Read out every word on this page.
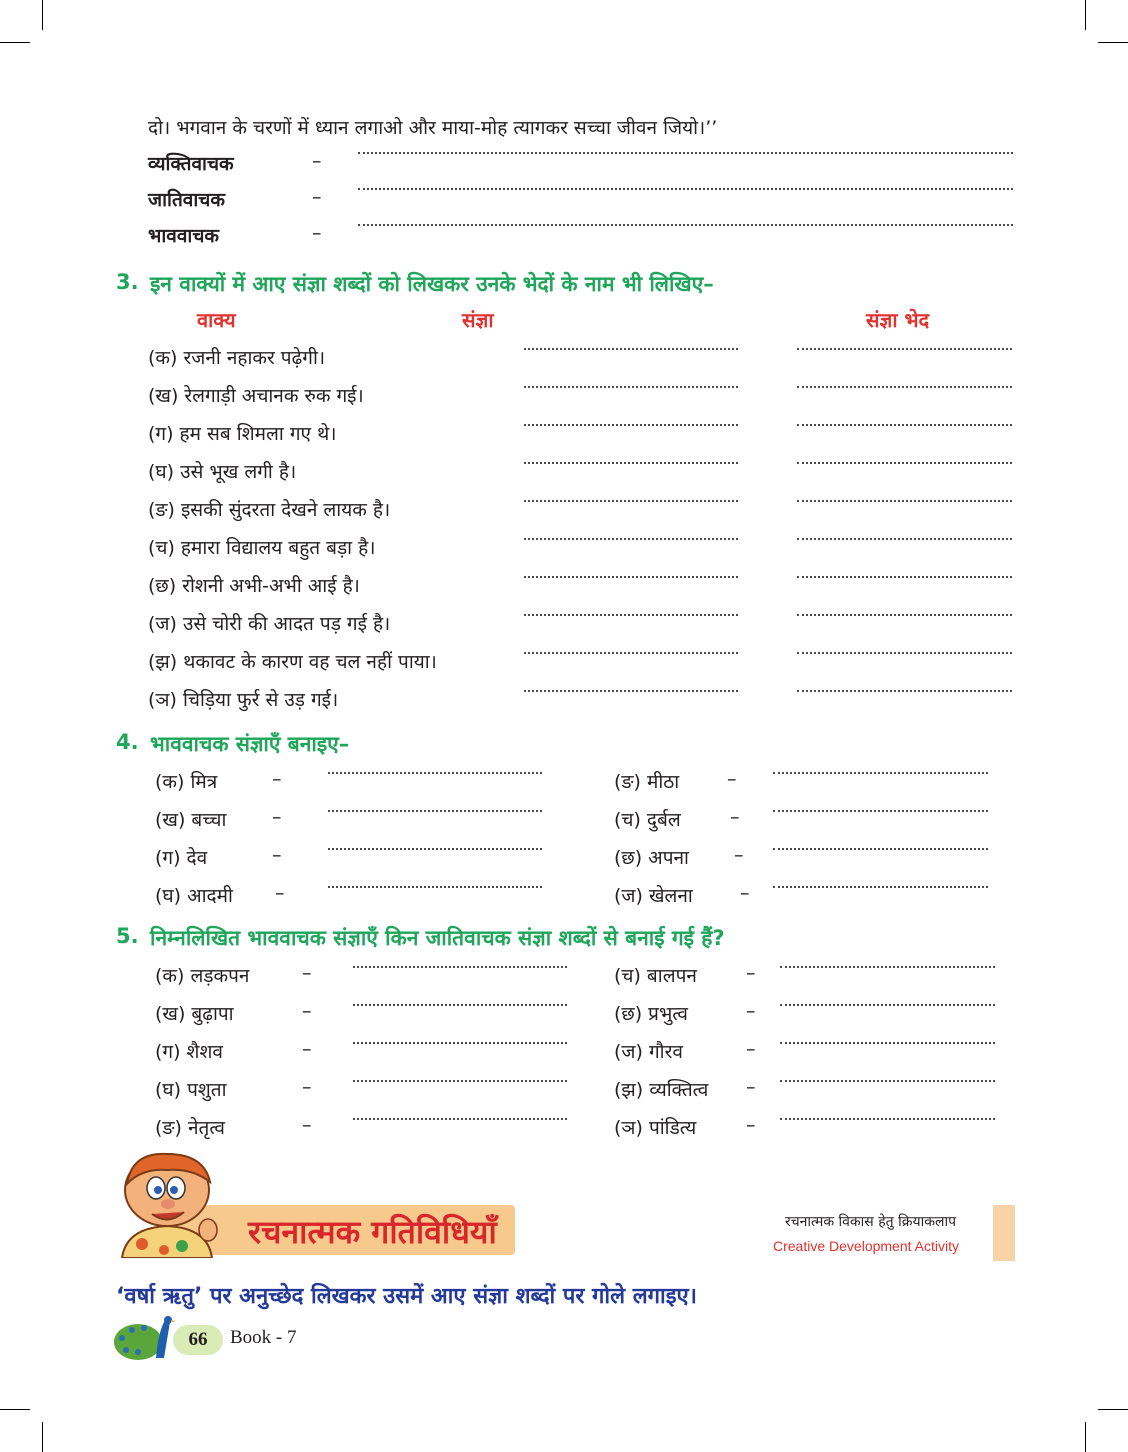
दो। भगवान के चरणों में ध्यान लगाओ और माया-मोह त्यागकर सच्चा जीवन जियो।’’
व्यक्तिवाचक	–
जातिवाचक	–
भाववाचक	–
3. इन वाक्यों में आए संज्ञा शब्दों को लिखकर उनके भेदों के नाम भी लिखिए–
वाक्य	संज्ञा	संज्ञा भेद
(क) रजनी नहाकर पढ़ेगी।
(ख) रेलगाड़ी अचानक रुक गई।
(ग) हम सब शिमला गए थे।
(घ) उसे भूख लगी है।
(ङ) इसकी सुंदरता देखने लायक है।
(च) हमारा विद्यालय बहुत बड़ा है।
(छ) रोशनी अभी-अभी आई है।
(ज) उसे चोरी की आदत पड़ गई है।
(झ) थकावट के कारण वह चल नहीं पाया।
(ञ) चिड़िया फुर्र से उड़ गई।
4. भाववाचक संज्ञाएँ बनाइए–
(क) मित्र	–	(ङ) मीठा	–
(ख) बच्चा –	(च) दुर्बल	–
(ग) देव	–	(छ) अपना –
(घ) आदमी –	(ज) खेलना –
5. निम्नलिखित भाववाचक संज्ञाएँ किन जातिवाचक संज्ञा शब्दों से बनाई गई हैं?
(क) लड़कपन	–	(च) बालपन	–
(ख) बुढ़ापा	–	(छ) प्रभुत्व	–
(ग) शैशव	–	(ज) गौरव	–
(घ) पशुता	–	(झ) व्यक्तित्व –
(ङ) नेतृत्व	–	(ञ) पांडित्य	–
रचनात्मक गतिविधियाँ	रचनात्मक विकास हेतु क्रियाकलाप
Creative Development Activity
‘वर्षा ऋतु’ पर अनुच्छेद लिखकर उसमें आए संज्ञा शब्दों पर गोले लगाइए।
66	Book - 7
